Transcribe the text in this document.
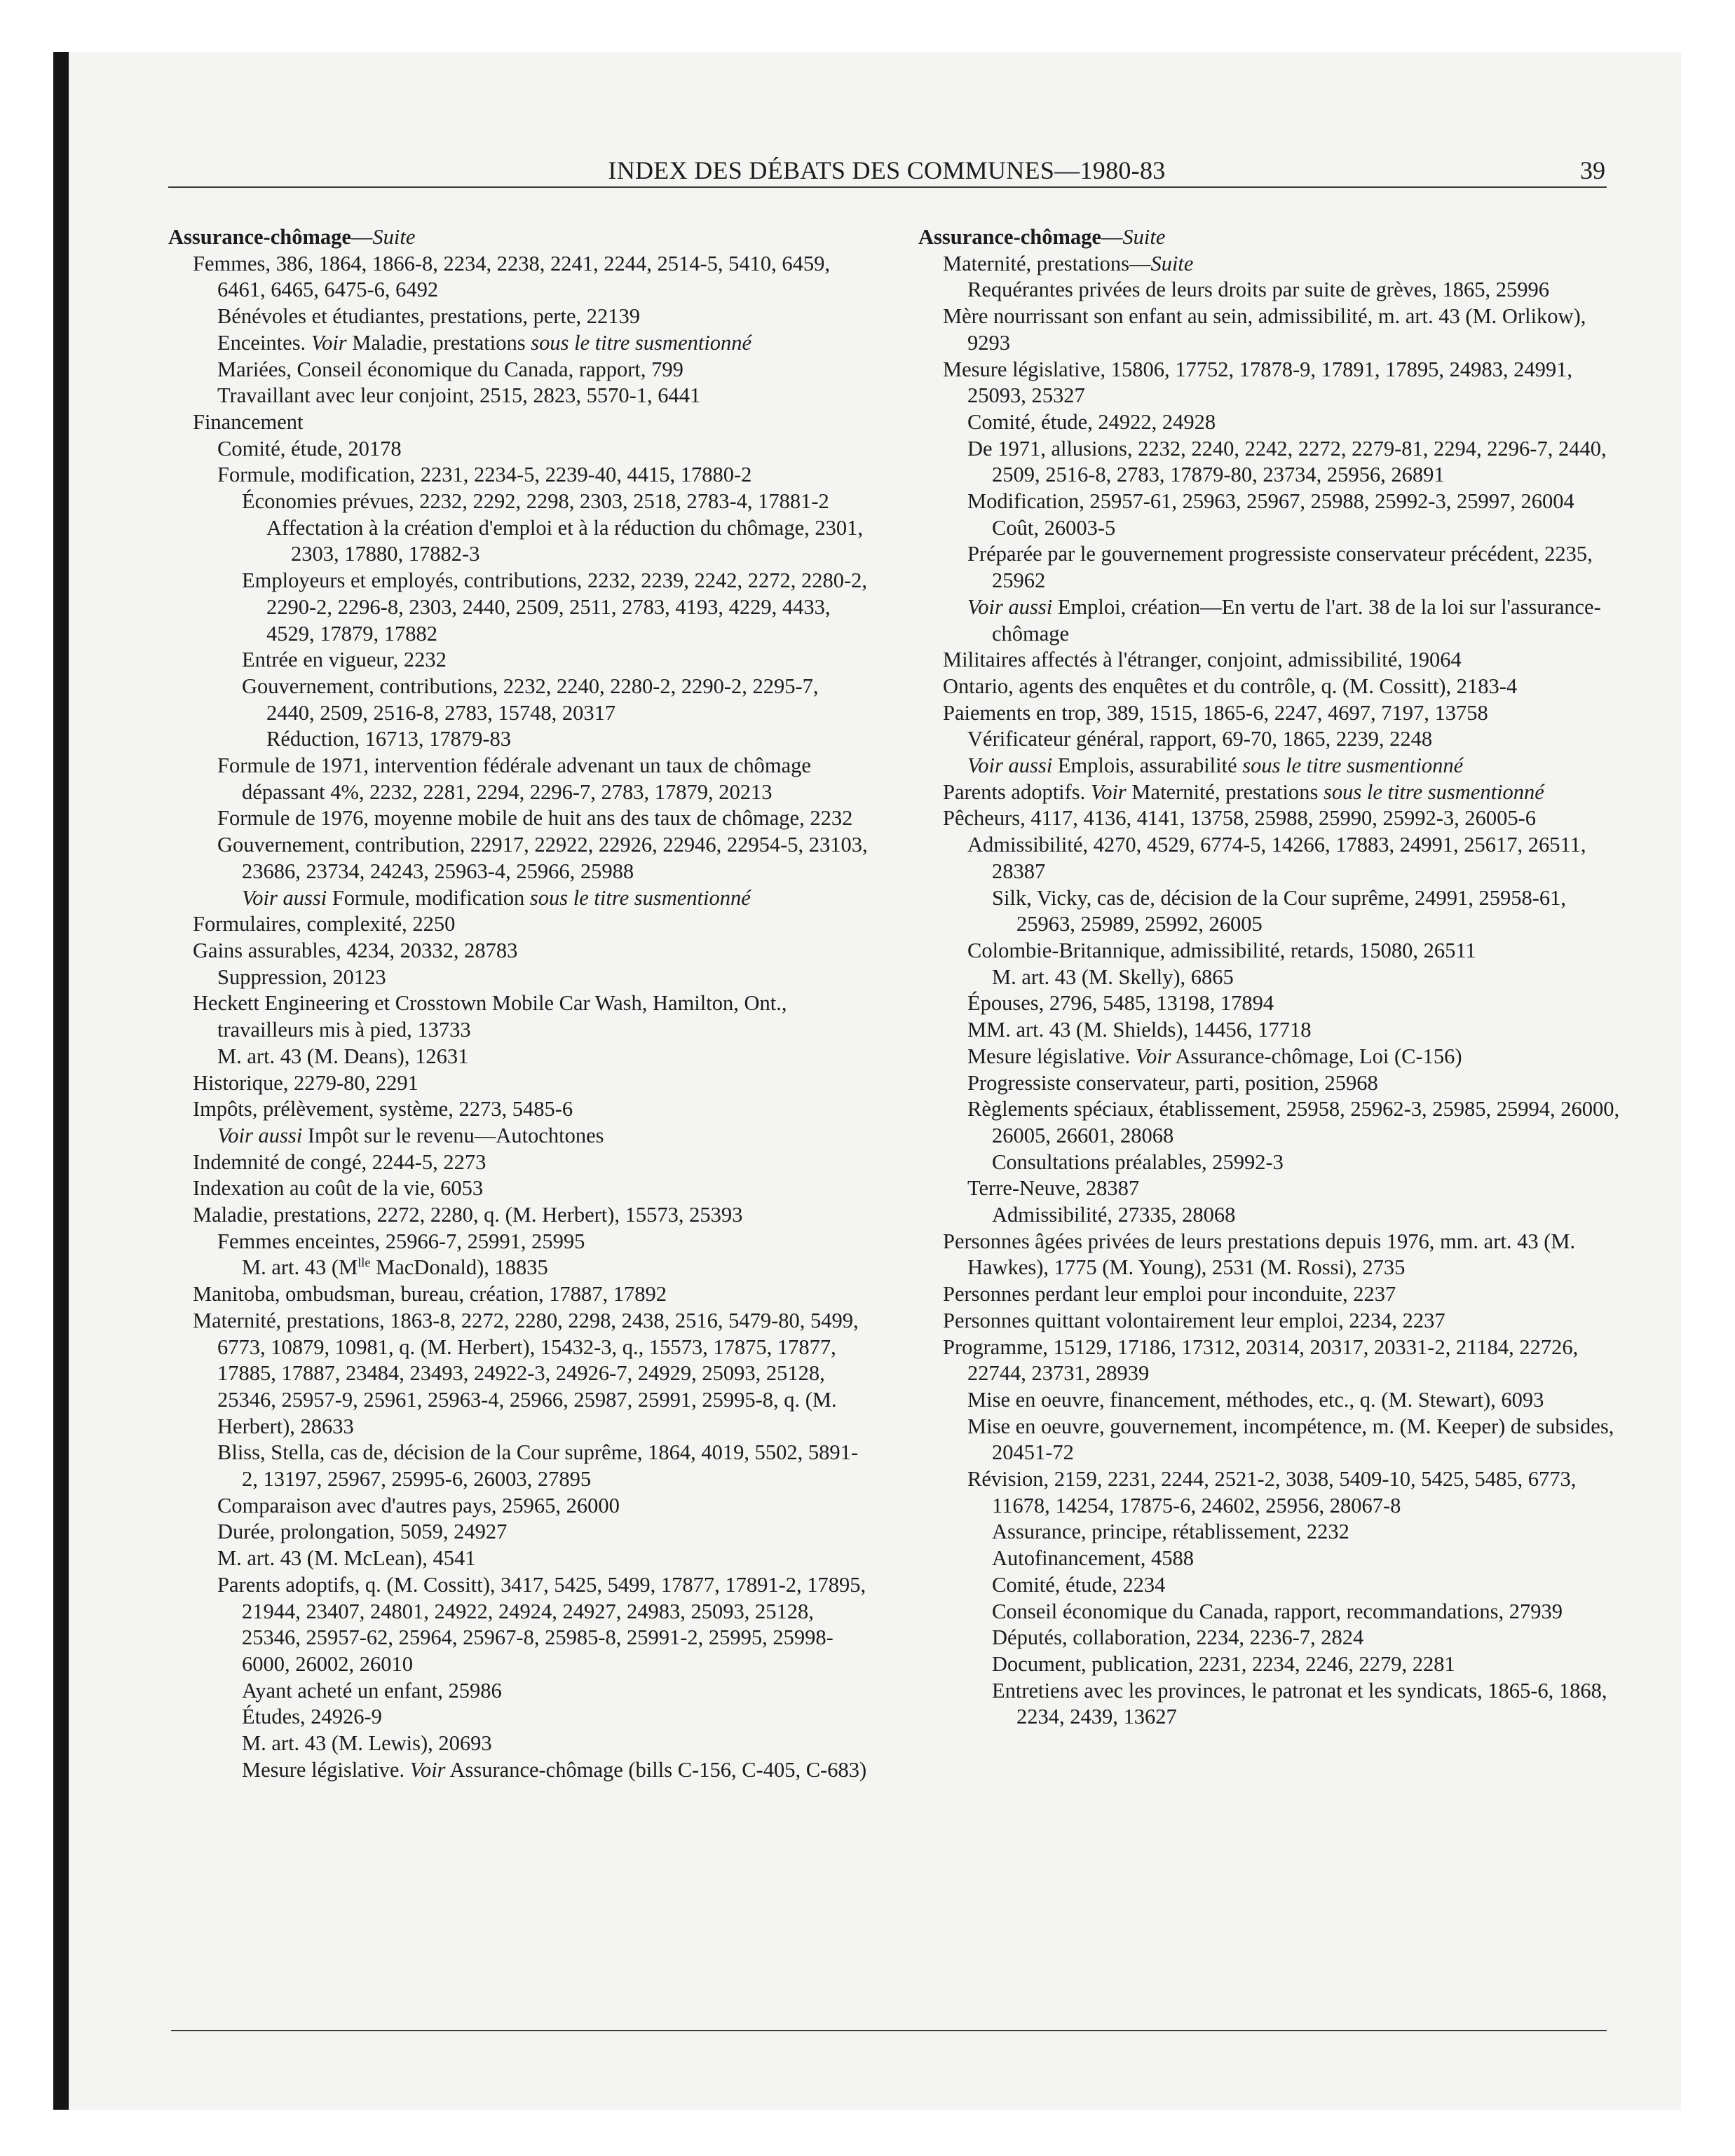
INDEX DES DÉBATS DES COMMUNES—1980-83	39

Assurance-chômage—Suite

Femmes, 386, 1864, 1866-8, 2234, 2238, 2241, 2244, 2514-5, 5410, 6459, 6461, 6465, 6475-6, 6492

Bénévoles et étudiantes, prestations, perte, 22139

Enceintes. Voir Maladie, prestations sous le titre susmentionné

Mariées, Conseil économique du Canada, rapport, 799

Travaillant avec leur conjoint, 2515, 2823, 5570-1, 6441

Financement

Comité, étude, 20178

Formule, modification, 2231, 2234-5, 2239-40, 4415, 17880-2

Économies prévues, 2232, 2292, 2298, 2303, 2518, 2783-4, 17881-2

Affectation à la création d'emploi et à la réduction du chômage, 2301, 2303, 17880, 17882-3

Employeurs et employés, contributions, 2232, 2239, 2242, 2272, 2280-2, 2290-2, 2296-8, 2303, 2440, 2509, 2511, 2783, 4193, 4229, 4433, 4529, 17879, 17882

Entrée en vigueur, 2232

Gouvernement, contributions, 2232, 2240, 2280-2, 2290-2, 2295-7, 2440, 2509, 2516-8, 2783, 15748, 20317

Réduction, 16713, 17879-83

Formule de 1971, intervention fédérale advenant un taux de chômage dépassant 4%, 2232, 2281, 2294, 2296-7, 2783, 17879, 20213

Formule de 1976, moyenne mobile de huit ans des taux de chômage, 2232

Gouvernement, contribution, 22917, 22922, 22926, 22946, 22954-5, 23103, 23686, 23734, 24243, 25963-4, 25966, 25988

Voir aussi Formule, modification sous le titre susmentionné

Formulaires, complexité, 2250

Gains assurables, 4234, 20332, 28783

Suppression, 20123

Heckett Engineering et Crosstown Mobile Car Wash, Hamilton, Ont., travailleurs mis à pied, 13733

M. art. 43 (M. Deans), 12631

Historique, 2279-80, 2291

Impôts, prélèvement, système, 2273, 5485-6

Voir aussi Impôt sur le revenu—Autochtones

Indemnité de congé, 2244-5, 2273

Indexation au coût de la vie, 6053

Maladie, prestations, 2272, 2280, q. (M. Herbert), 15573, 25393

Femmes enceintes, 25966-7, 25991, 25995

M. art. 43 ($M^{lle}$ MacDonald), 18835

Manitoba, ombudsman, bureau, création, 17887, 17892

Maternité, prestations, 1863-8, 2272, 2280, 2298, 2438, 2516, 5479-80, 5499, 6773, 10879, 10981, q. (M. Herbert), 15432-3, q., 15573, 17875, 17877, 17885, 17887, 23484, 23493, 24922-3, 24926-7, 24929, 25093, 25128, 25346, 25957-9, 25961, 25963-4, 25966, 25987, 25991, 25995-8, q. (M. Herbert), 28633

Bliss, Stella, cas de, décision de la Cour suprême, 1864, 4019, 5502, 5891-2, 13197, 25967, 25995-6, 26003, 27895

Comparaison avec d'autres pays, 25965, 26000

Durée, prolongation, 5059, 24927

M. art. 43 (M. McLean), 4541

Parents adoptifs, q. (M. Cossitt), 3417, 5425, 5499, 17877, 17891-2, 17895, 21944, 23407, 24801, 24922, 24924, 24927, 24983, 25093, 25128, 25346, 25957-62, 25964, 25967-8, 25985-8, 25991-2, 25995, 25998-6000, 26002, 26010

Ayant acheté un enfant, 25986

Études, 24926-9

M. art. 43 (M. Lewis), 20693

Mesure législative. Voir Assurance-chômage (bills C-156, C-405, C-683)

Assurance-chômage—Suite

Maternité, prestations—Suite

Requérantes privées de leurs droits par suite de grèves, 1865, 25996

Mère nourrissant son enfant au sein, admissibilité, m. art. 43 (M. Orlikow), 9293

Mesure législative, 15806, 17752, 17878-9, 17891, 17895, 24983, 24991, 25093, 25327

Comité, étude, 24922, 24928

De 1971, allusions, 2232, 2240, 2242, 2272, 2279-81, 2294, 2296-7, 2440, 2509, 2516-8, 2783, 17879-80, 23734, 25956, 26891

Modification, 25957-61, 25963, 25967, 25988, 25992-3, 25997, 26004

Coût, 26003-5

Préparée par le gouvernement progressiste conservateur précédent, 2235, 25962

Voir aussi Emploi, création—En vertu de l'art. 38 de la loi sur l'assurance-chômage

Militaires affectés à l'étranger, conjoint, admissibilité, 19064

Ontario, agents des enquêtes et du contrôle, q. (M. Cossitt), 2183-4

Paiements en trop, 389, 1515, 1865-6, 2247, 4697, 7197, 13758

Vérificateur général, rapport, 69-70, 1865, 2239, 2248

Voir aussi Emplois, assurabilité sous le titre susmentionné

Parents adoptifs. Voir Maternité, prestations sous le titre susmentionné

Pêcheurs, 4117, 4136, 4141, 13758, 25988, 25990, 25992-3, 26005-6

Admissibilité, 4270, 4529, 6774-5, 14266, 17883, 24991, 25617, 26511, 28387

Silk, Vicky, cas de, décision de la Cour suprême, 24991, 25958-61, 25963, 25989, 25992, 26005

Colombie-Britannique, admissibilité, retards, 15080, 26511

M. art. 43 (M. Skelly), 6865

Épouses, 2796, 5485, 13198, 17894

MM. art. 43 (M. Shields), 14456, 17718

Mesure législative. Voir Assurance-chômage, Loi (C-156)

Progressiste conservateur, parti, position, 25968

Règlements spéciaux, établissement, 25958, 25962-3, 25985, 25994, 26000, 26005, 26601, 28068

Consultations préalables, 25992-3

Terre-Neuve, 28387

Admissibilité, 27335, 28068

Personnes âgées privées de leurs prestations depuis 1976, mm. art. 43 (M. Hawkes), 1775 (M. Young), 2531 (M. Rossi), 2735

Personnes perdant leur emploi pour inconduite, 2237

Personnes quittant volontairement leur emploi, 2234, 2237

Programme, 15129, 17186, 17312, 20314, 20317, 20331-2, 21184, 22726, 22744, 23731, 28939

Mise en oeuvre, financement, méthodes, etc., q. (M. Stewart), 6093

Mise en oeuvre, gouvernement, incompétence, m. (M. Keeper) de subsides, 20451-72

Révision, 2159, 2231, 2244, 2521-2, 3038, 5409-10, 5425, 5485, 6773, 11678, 14254, 17875-6, 24602, 25956, 28067-8

Assurance, principe, rétablissement, 2232

Autofinancement, 4588

Comité, étude, 2234

Conseil économique du Canada, rapport, recommandations, 27939

Députés, collaboration, 2234, 2236-7, 2824

Document, publication, 2231, 2234, 2246, 2279, 2281

Entretiens avec les provinces, le patronat et les syndicats, 1865-6, 1868, 2234, 2439, 13627
